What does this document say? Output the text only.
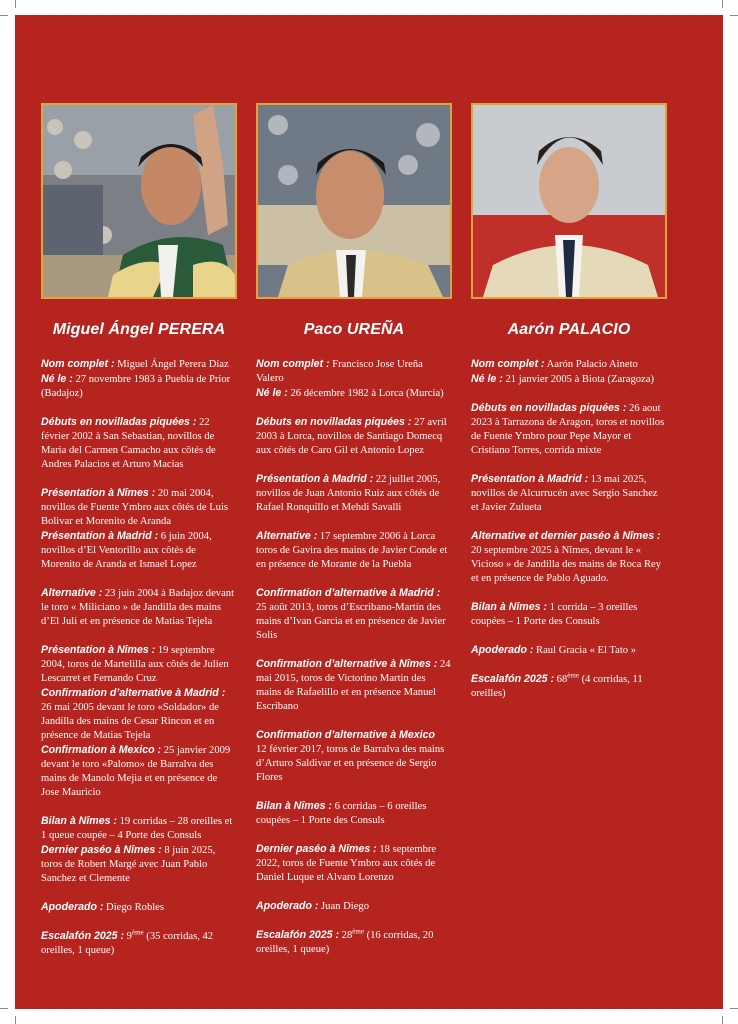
Miguel Ángel PERERA

Nom complet : Miguel Ángel Perera Díaz

Né le : 27 novembre 1983 à Puebla de Prior (Badajoz)

Débuts en novilladas piquées : 22 février 2002 à San Sebastian, novillos de Maria del Carmen Camacho aux côtés de Andres Palacios et Arturo Macias

Présentation à Nîmes : 20 mai 2004, novillos de Fuente Ymbro aux côtés de Luis Bolivar et Morenito de Aranda

Présentation à Madrid : 6 juin 2004, novillos d’El Ventorillo aux côtés de Morenito de Aranda et Ismael Lopez

Alternative : 23 juin 2004 à Badajoz devant le toro « Miliciano » de Jandilla des mains d’El Juli et en présence de Matias Tejela

Présentation à Nîmes : 19 septembre 2004, toros de Martelilla aux côtés de Julien Lescarret et Fernando Cruz

Confirmation d’alternative à Madrid : 26 mai 2005 devant le toro «Soldador» de Jandilla des mains de Cesar Rincon et en présence de Matias Tejela

Confirmation à Mexico : 25 janvier 2009 devant le toro «Palomo» de Barralva des mains de Manolo Mejia et en présence de Jose Mauricio

Bilan à Nîmes : 19 corridas – 28 oreilles et 1 queue coupée – 4 Porte des Consuls

Dernier paséo à Nîmes : 8 juin 2025, toros de Robert Margé avec Juan Pablo Sanchez et Clemente

Apoderado : Diego Robles

Escalafón 2025 : 9ème (35 corridas, 42 oreilles, 1 queue)

Paco UREÑA

Nom complet : Francisco Jose Ureña Valero

Né le : 26 décembre 1982 à Lorca (Murcia)

Débuts en novilladas piquées : 27 avril 2003 à Lorca, novillos de Santiago Domecq aux côtés de Caro Gil et Antonio Lopez

Présentation à Madrid : 22 juillet 2005, novillos de Juan Antonio Ruiz aux côtés de Rafael Ronquillo et Mehdi Savalli

Alternative : 17 septembre 2006 à Lorca toros de Gavira des mains de Javier Conde et en présence de Morante de la Puebla

Confirmation d’alternative à Madrid : 25 août 2013, toros d’Escribano-Martín des mains d’Ivan Garcia et en présence de Javier Solis

Confirmation d’alternative à Nîmes : 24 mai 2015, toros de Victorino Martin des mains de Rafaelillo et en présence Manuel Escribano

Confirmation d’alternative à Mexico
12 février 2017, toros de Barralva des mains d’Arturo Saldivar et en présence de Sergio Flores

Bilan à Nîmes : 6 corridas – 6 oreilles coupées – 1 Porte des Consuls

Dernier paséo à Nîmes : 18 septembre 2022, toros de Fuente Ymbro aux côtés de Daniel Luque et Alvaro Lorenzo

Apoderado : Juan Diego

Escalafón 2025 : 28ème (16 corridas, 20 oreilles, 1 queue)

Aarón PALACIO

Nom complet : Aarón Palacio Aineto

Né le : 21 janvier 2005 à Biota (Zaragoza)

Débuts en novilladas piquées : 26 aout 2023 à Tarrazona de Aragon, toros et novillos de Fuente Ymbro pour Pepe Mayor et Cristiano Torres, corrida mixte

Présentation à Madrid : 13 mai 2025, novillos de Alcurrucén avec Sergio Sanchez et Javier Zulueta

Alternative et dernier paséo à Nîmes : 20 septembre 2025 à Nîmes, devant le « Vicioso » de Jandilla des mains de Roca Rey et en présence de Pablo Aguado.

Bilan à Nîmes : 1 corrida – 3 oreilles coupées – 1 Porte des Consuls

Apoderado : Raul Gracia « El Tato »

Escalafón 2025 : 68ème (4 corridas, 11 oreilles)
